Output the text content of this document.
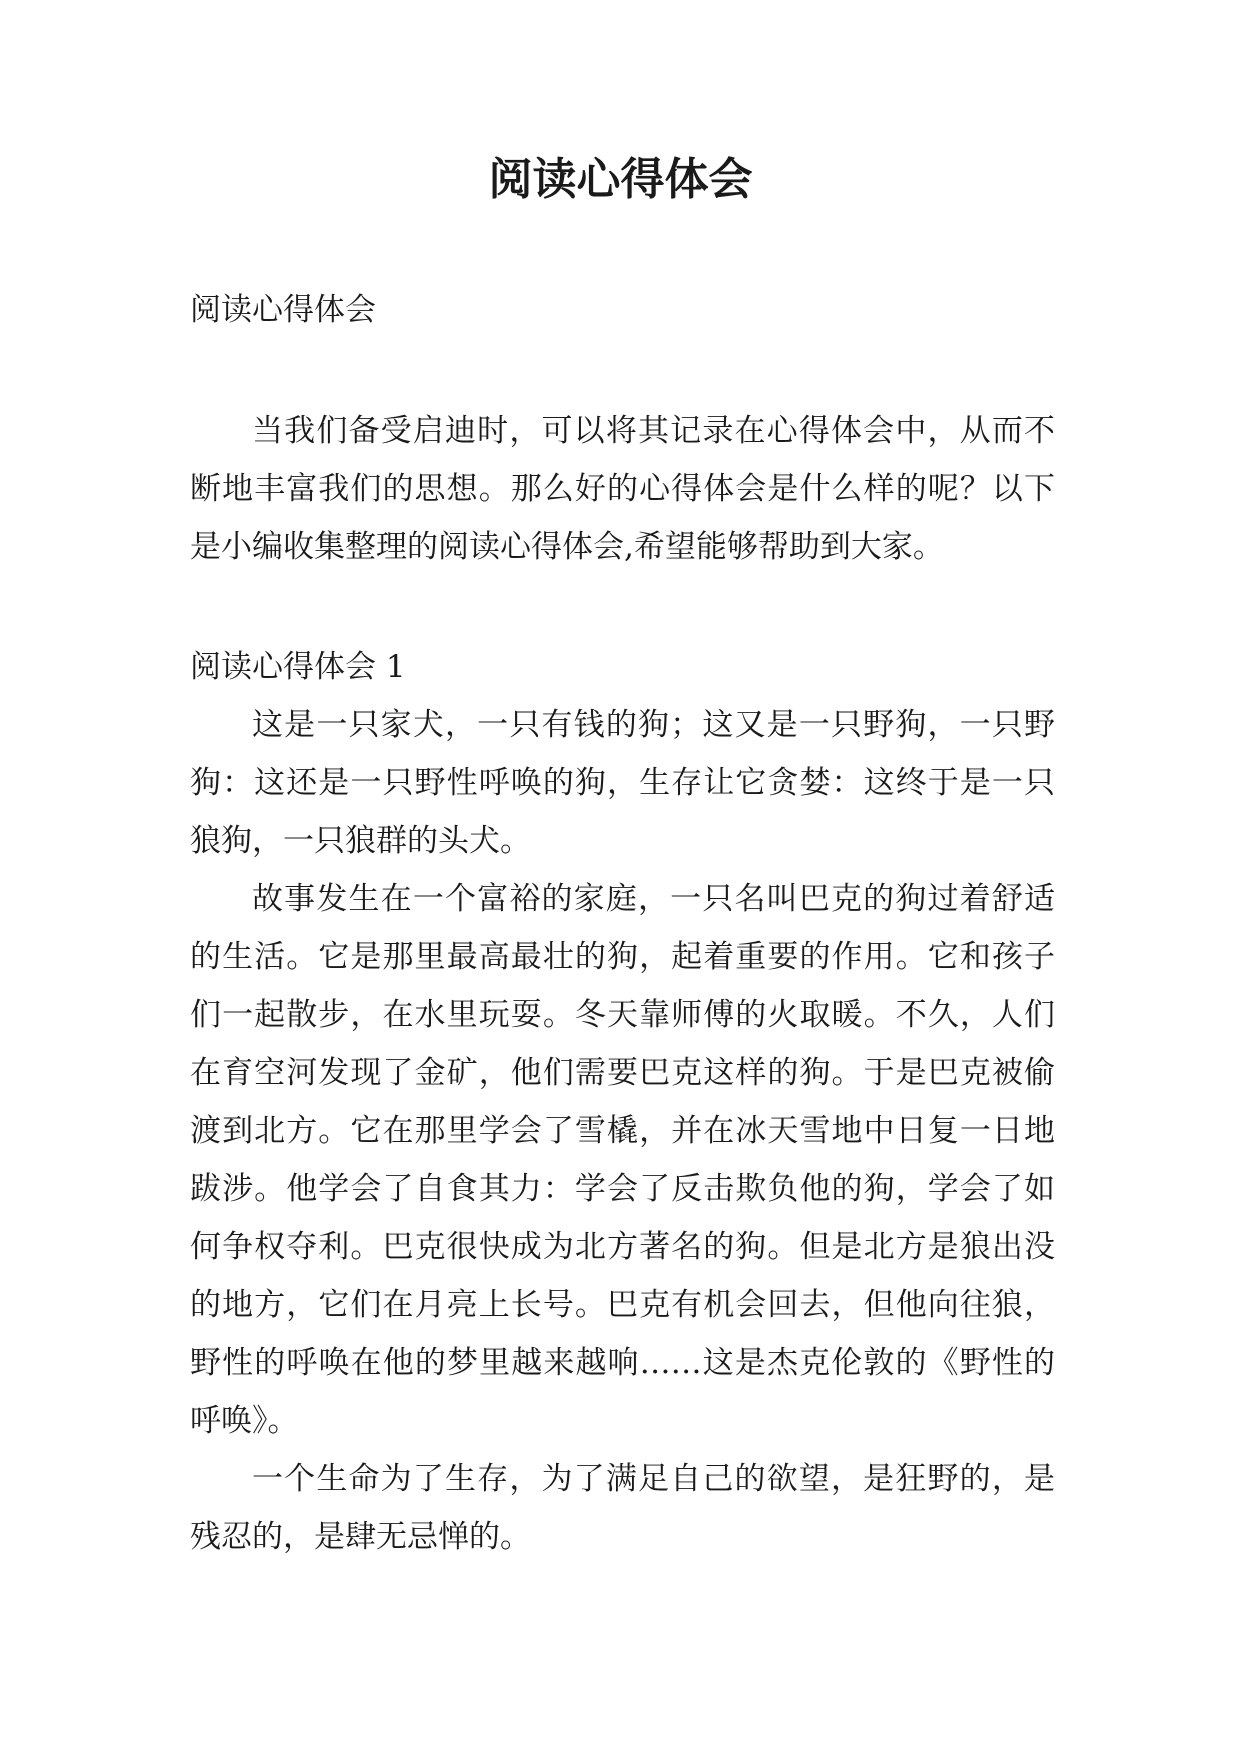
阅读心得体会

阅读心得体会

当我们备受启迪时，可以将其记录在心得体会中，从而不断地丰富我们的思想。那么好的心得体会是什么样的呢？以下是小编收集整理的阅读心得体会,希望能够帮助到大家。

阅读心得体会 1

这是一只家犬，一只有钱的狗；这又是一只野狗，一只野狗：这还是一只野性呼唤的狗，生存让它贪婪：这终于是一只狼狗，一只狼群的头犬。

故事发生在一个富裕的家庭，一只名叫巴克的狗过着舒适的生活。它是那里最高最壮的狗，起着重要的作用。它和孩子们一起散步，在水里玩耍。冬天靠师傅的火取暖。不久，人们在育空河发现了金矿，他们需要巴克这样的狗。于是巴克被偷渡到北方。它在那里学会了雪橇，并在冰天雪地中日复一日地跋涉。他学会了自食其力：学会了反击欺负他的狗，学会了如何争权夺利。巴克很快成为北方著名的狗。但是北方是狼出没的地方，它们在月亮上长号。巴克有机会回去，但他向往狼，野性的呼唤在他的梦里越来越响……这是杰克伦敦的《野性的呼唤》。

一个生命为了生存，为了满足自己的欲望，是狂野的，是残忍的，是肆无忌惮的。
